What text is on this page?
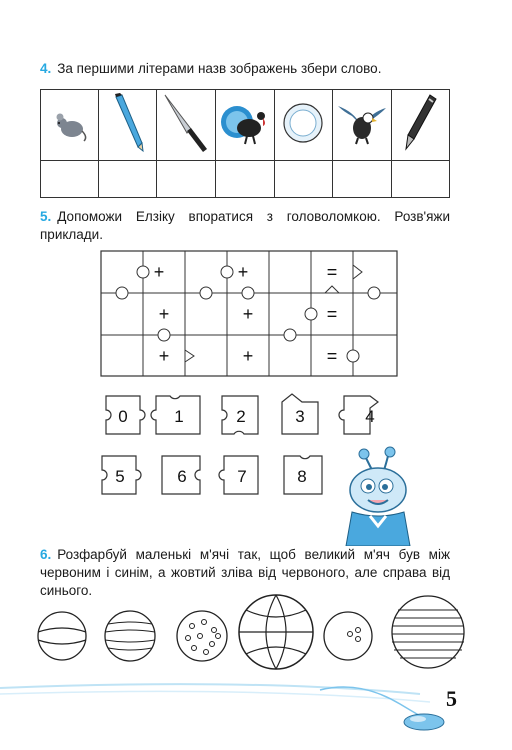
4. За першими літерами назв зображень збери слово.

5. Допоможи Елзіку впоратися з головоломкою. Розв'яжи приклади.

+	+	=
+	+	=
+	+	=
0	1	2	3	4
5	6	7	8

6. Розфарбуй маленькі м'ячі так, щоб великий м'яч був між червоним і синім, а жовтий зліва від червоного, але справа від синього.

5
